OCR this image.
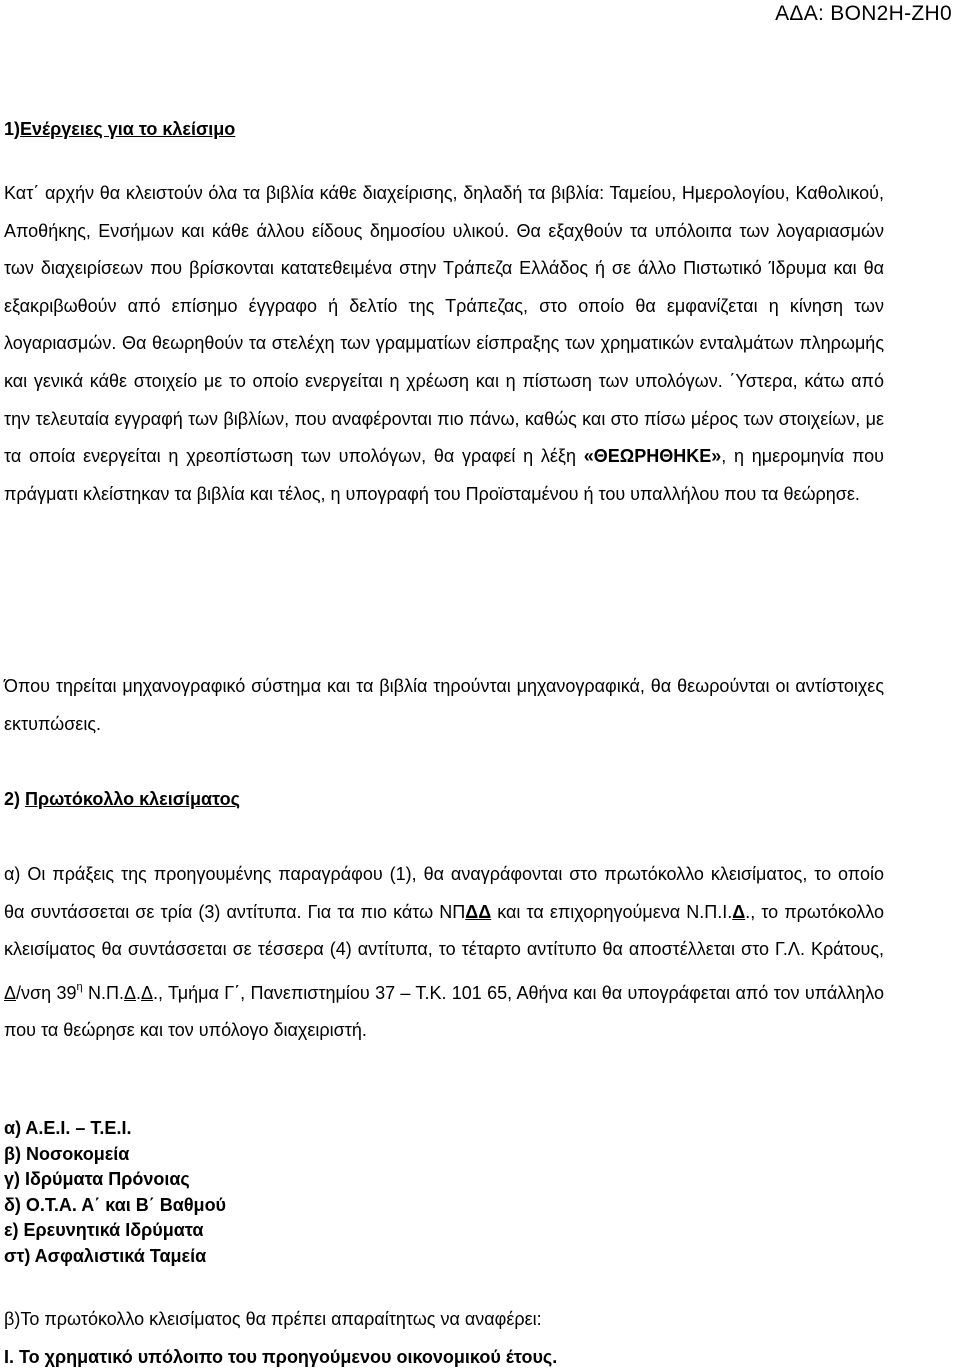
ΑΔΑ: ΒΟΝ2Η-ΖΗ0
1)Ενέργειες για το κλείσιμο
Κατ΄ αρχήν θα κλειστούν όλα τα βιβλία κάθε διαχείρισης, δηλαδή τα βιβλία: Ταμείου, Ημερολογίου, Καθολικού, Αποθήκης, Ενσήμων και κάθε άλλου είδους δημοσίου υλικού. Θα εξαχθούν τα υπόλοιπα των λογαριασμών των διαχειρίσεων που βρίσκονται κατατεθειμένα στην Τράπεζα Ελλάδος ή σε άλλο Πιστωτικό Ίδρυμα και θα εξακριβωθούν από επίσημο έγγραφο ή δελτίο της Τράπεζας, στο οποίο θα εμφανίζεται η κίνηση των λογαριασμών. Θα θεωρηθούν τα στελέχη των γραμματίων είσπραξης των χρηματικών ενταλμάτων πληρωμής και γενικά κάθε στοιχείο με το οποίο ενεργείται η χρέωση και η πίστωση των υπολόγων. ΄Υστερα, κάτω από την τελευταία εγγραφή των βιβλίων, που αναφέρονται πιο πάνω, καθώς και στο πίσω μέρος των στοιχείων, με τα οποία ενεργείται η χρεοπίστωση των υπολόγων, θα γραφεί η λέξη «ΘΕΩΡΗΘΗΚΕ», η ημερομηνία που πράγματι κλείστηκαν τα βιβλία και τέλος, η υπογραφή του Προϊσταμένου ή του υπαλλήλου που τα θεώρησε.
Όπου τηρείται μηχανογραφικό σύστημα και τα βιβλία τηρούνται μηχανογραφικά, θα θεωρούνται οι αντίστοιχες εκτυπώσεις.
2) Πρωτόκολλο κλεισίματος
α) Οι πράξεις της προηγουμένης παραγράφου (1), θα αναγράφονται στο πρωτόκολλο κλεισίματος, το οποίο θα συντάσσεται σε τρία (3) αντίτυπα. Για τα πιο κάτω ΝΠΔΔ και τα επιχορηγούμενα Ν.Π.Ι.Δ., το πρωτόκολλο κλεισίματος θα συντάσσεται σε τέσσερα (4) αντίτυπα, το τέταρτο αντίτυπο θα αποστέλλεται στο Γ.Λ. Κράτους, Δ/νση $39^\eta$ Ν.Π.Δ.Δ., Τμήμα Γ΄, Πανεπιστημίου 37 – Τ.Κ. 101 65, Αθήνα και θα υπογράφεται από τον υπάλληλο που τα θεώρησε και τον υπόλογο διαχειριστή.
α) Α.Ε.Ι. – Τ.Ε.Ι.
β) Νοσοκομεία
γ) Ιδρύματα Πρόνοιας
δ) Ο.Τ.Α. Α΄ και Β΄ Βαθμού
ε) Ερευνητικά Ιδρύματα
στ) Ασφαλιστικά Ταμεία
β)Το πρωτόκολλο κλεισίματος θα πρέπει απαραίτητως να αναφέρει:
Ι. Το χρηματικό υπόλοιπο του προηγούμενου οικονομικού έτους.
